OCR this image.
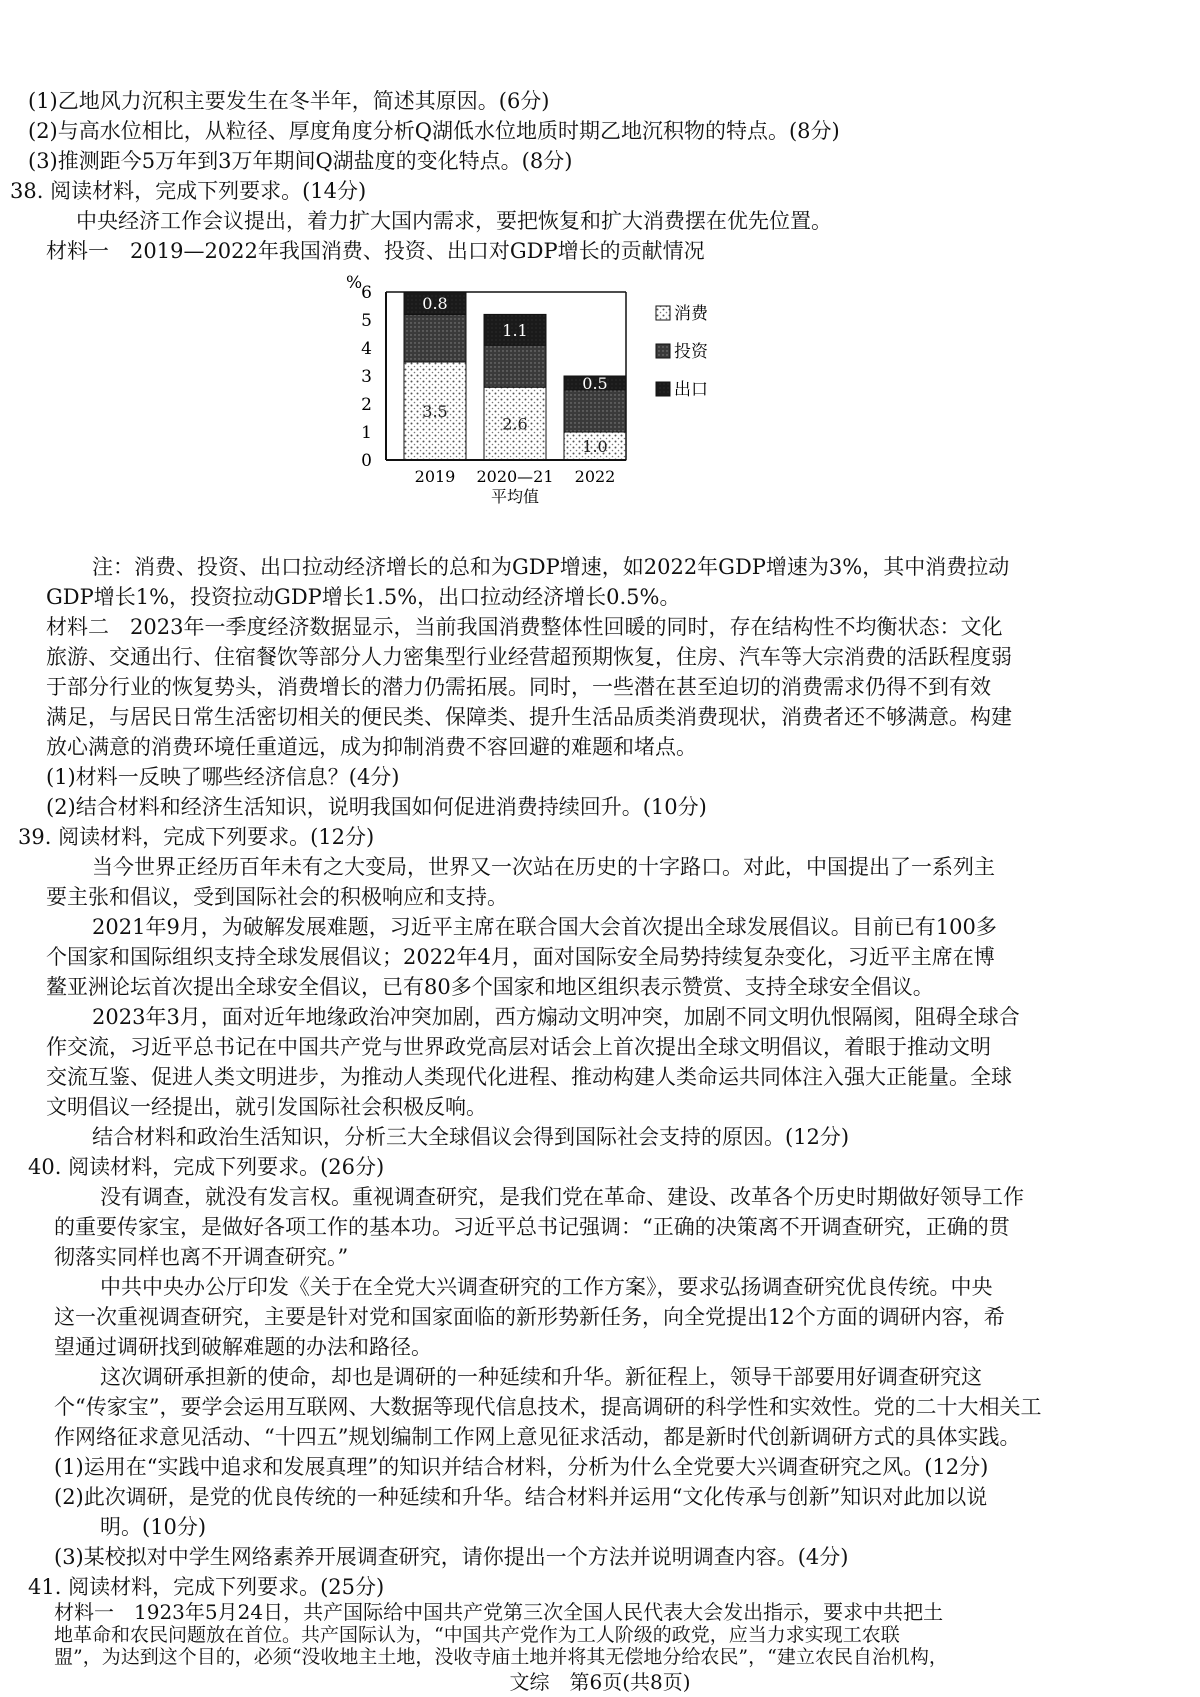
(1)乙地风力沉积主要发生在冬半年，简述其原因。(6分)
(2)与高水位相比，从粒径、厚度角度分析Q湖低水位地质时期乙地沉积物的特点。(8分)
(3)推测距今5万年到3万年期间Q湖盐度的变化特点。(8分)
38. 阅读材料，完成下列要求。(14分)
中央经济工作会议提出，着力扩大国内需求，要把恢复和扩大消费摆在优先位置。
材料一　2019—2022年我国消费、投资、出口对GDP增长的贡献情况
%
0
1
2
3
4
5
6
3.5
0.8
2.6
1.1
1.0
0.5
2019 2020—21
平均值
2022
消费
投资
出口
注：消费、投资、出口拉动经济增长的总和为GDP增速，如2022年GDP增速为3%，其中消费拉动
GDP增长1%，投资拉动GDP增长1.5%，出口拉动经济增长0.5%。
材料二　2023年一季度经济数据显示，当前我国消费整体性回暖的同时，存在结构性不均衡状态：文化
旅游、交通出行、住宿餐饮等部分人力密集型行业经营超预期恢复，住房、汽车等大宗消费的活跃程度弱
于部分行业的恢复势头，消费增长的潜力仍需拓展。同时，一些潜在甚至迫切的消费需求仍得不到有效
满足，与居民日常生活密切相关的便民类、保障类、提升生活品质类消费现状，消费者还不够满意。构建
放心满意的消费环境任重道远，成为抑制消费不容回避的难题和堵点。
(1)材料一反映了哪些经济信息？(4分)
(2)结合材料和经济生活知识，说明我国如何促进消费持续回升。(10分)
39. 阅读材料，完成下列要求。(12分)
当今世界正经历百年未有之大变局，世界又一次站在历史的十字路口。对此，中国提出了一系列主
要主张和倡议，受到国际社会的积极响应和支持。
2021年9月，为破解发展难题，习近平主席在联合国大会首次提出全球发展倡议。目前已有100多
个国家和国际组织支持全球发展倡议；2022年4月，面对国际安全局势持续复杂变化，习近平主席在博
鳌亚洲论坛首次提出全球安全倡议，已有80多个国家和地区组织表示赞赏、支持全球安全倡议。
2023年3月，面对近年地缘政治冲突加剧，西方煽动文明冲突，加剧不同文明仇恨隔阂，阻碍全球合
作交流，习近平总书记在中国共产党与世界政党高层对话会上首次提出全球文明倡议，着眼于推动文明
交流互鉴、促进人类文明进步，为推动人类现代化进程、推动构建人类命运共同体注入强大正能量。全球
文明倡议一经提出，就引发国际社会积极反响。
结合材料和政治生活知识，分析三大全球倡议会得到国际社会支持的原因。(12分)
40. 阅读材料，完成下列要求。(26分)
没有调查，就没有发言权。重视调查研究，是我们党在革命、建设、改革各个历史时期做好领导工作
的重要传家宝，是做好各项工作的基本功。习近平总书记强调：“正确的决策离不开调查研究，正确的贯
彻落实同样也离不开调查研究。”
中共中央办公厅印发《关于在全党大兴调查研究的工作方案》，要求弘扬调查研究优良传统。中央
这一次重视调查研究，主要是针对党和国家面临的新形势新任务，向全党提出12个方面的调研内容，希
望通过调研找到破解难题的办法和路径。
这次调研承担新的使命，却也是调研的一种延续和升华。新征程上，领导干部要用好调查研究这
个“传家宝”，要学会运用互联网、大数据等现代信息技术，提高调研的科学性和实效性。党的二十大相关工
作网络征求意见活动、“十四五”规划编制工作网上意见征求活动，都是新时代创新调研方式的具体实践。
(1)运用在“实践中追求和发展真理”的知识并结合材料，分析为什么全党要大兴调查研究之风。(12分)
(2)此次调研，是党的优良传统的一种延续和升华。结合材料并运用“文化传承与创新”知识对此加以说
明。(10分)
(3)某校拟对中学生网络素养开展调查研究，请你提出一个方法并说明调查内容。(4分)
41. 阅读材料，完成下列要求。(25分)
材料一　1923年5月24日，共产国际给中国共产党第三次全国人民代表大会发出指示，要求中共把土
地革命和农民问题放在首位。共产国际认为，“中国共产党作为工人阶级的政党，应当力求实现工农联
盟”，为达到这个目的，必须“没收地主土地，没收寺庙土地并将其无偿地分给农民”，“建立农民自治机构，
文综　第6页(共8页)
